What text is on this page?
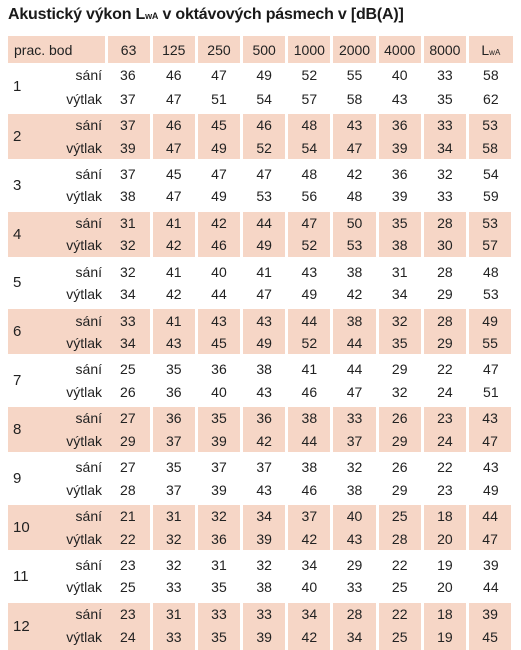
Akustický výkon LwA v oktávových pásmech v [dB(A)]
prac. bod		63	125	250	500	1000	2000	4000	8000	LwA
1	sání	36	46	47	49	52	55	40	33	58
	výtlak	37	47	51	54	57	58	43	35	62
2	sání	37	46	45	46	48	43	36	33	53
	výtlak	39	47	49	52	54	47	39	34	58
3	sání	37	45	47	47	48	42	36	32	54
	výtlak	38	47	49	53	56	48	39	33	59
4	sání	31	41	42	44	47	50	35	28	53
	výtlak	32	42	46	49	52	53	38	30	57
5	sání	32	41	40	41	43	38	31	28	48
	výtlak	34	42	44	47	49	42	34	29	53
6	sání	33	41	43	43	44	38	32	28	49
	výtlak	34	43	45	49	52	44	35	29	55
7	sání	25	35	36	38	41	44	29	22	47
	výtlak	26	36	40	43	46	47	32	24	51
8	sání	27	36	35	36	38	33	26	23	43
	výtlak	29	37	39	42	44	37	29	24	47
9	sání	27	35	37	37	38	32	26	22	43
	výtlak	28	37	39	43	46	38	29	23	49
10	sání	21	31	32	34	37	40	25	18	44
	výtlak	22	32	36	39	42	43	28	20	47
11	sání	23	32	31	32	34	29	22	19	39
	výtlak	25	33	35	38	40	33	25	20	44
12	sání	23	31	33	33	34	28	22	18	39
	výtlak	24	33	35	39	42	34	25	19	45
